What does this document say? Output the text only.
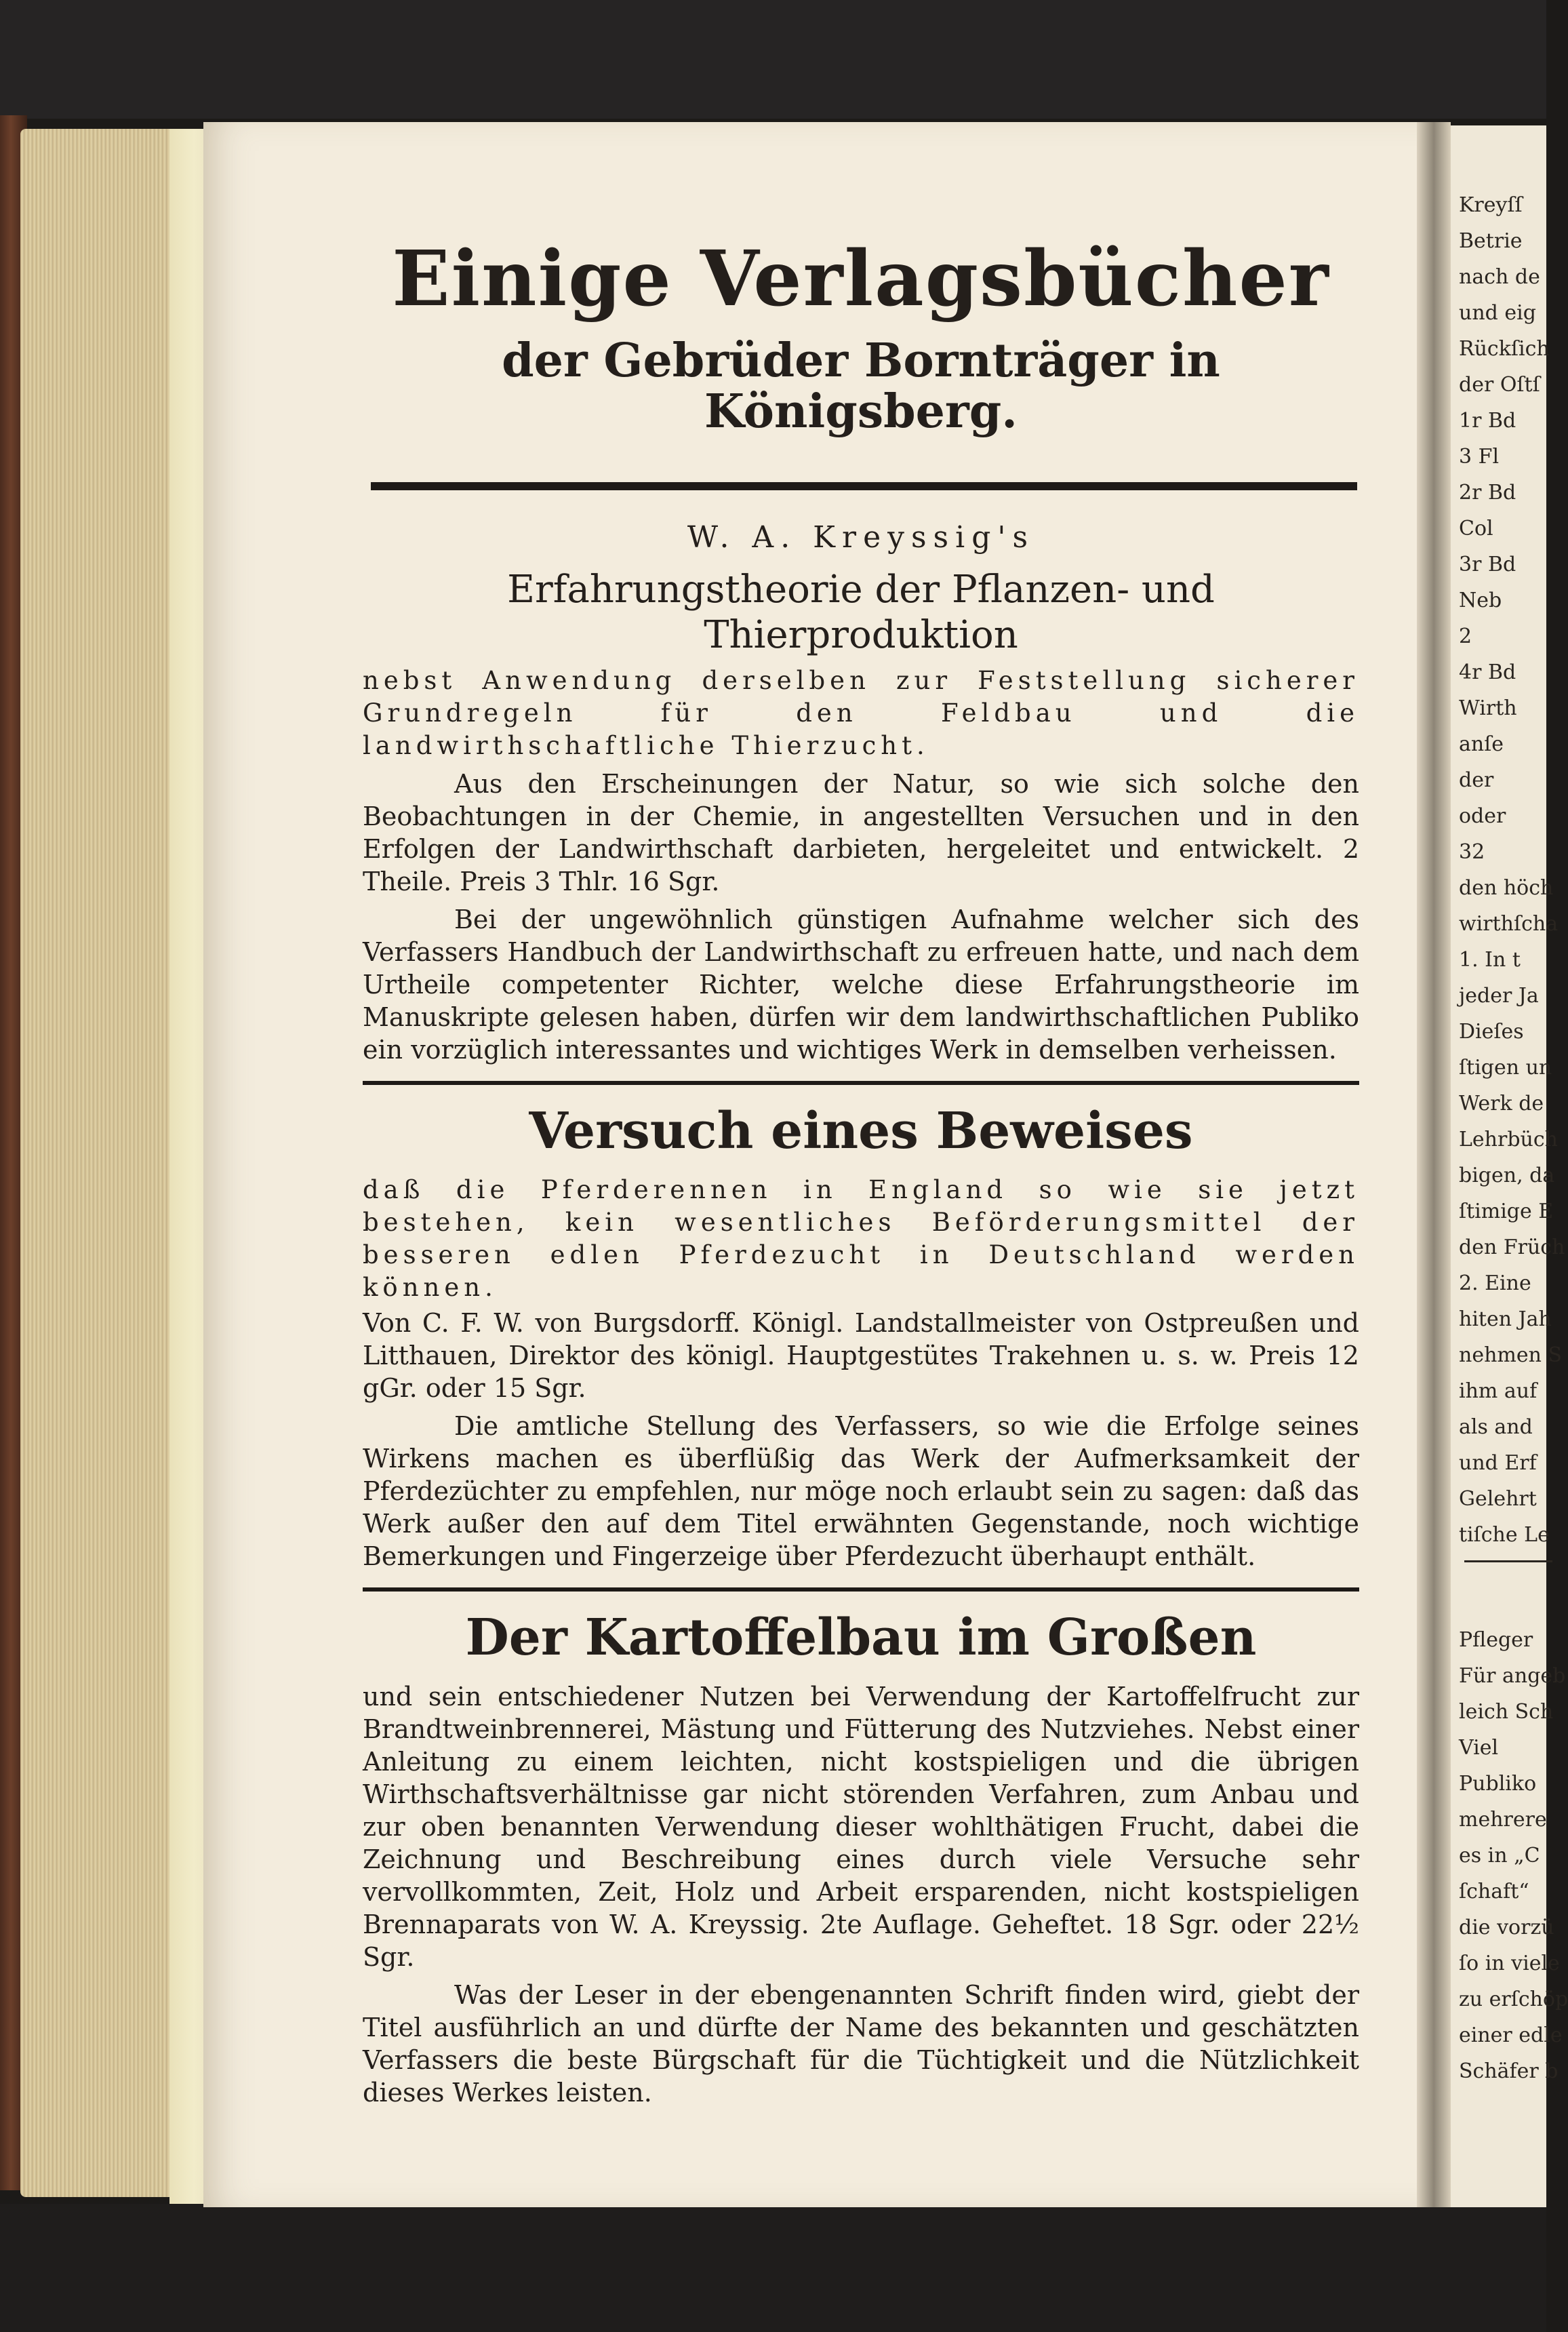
Kreyſſ
Betrie
nach de
und eig
Rückſich
der Oſtſ
1r Bd
3 Fl
2r Bd
Col
3r Bd
Neb
2
4r Bd
Wirth
anſe
der
oder
32
den höch
wirthſcha
1. In t
jeder Ja
Dieſes
ſtigen un
Werk de
Lehrbüch
bigen, da
ſtimige E
den Früch
2. Eine
hiten Jah
nehmen S
ihm auf
als and
und Erf
Gelehrt
tiſche Le
Pfleger
Für angeb
leich Sch
Viel
Publiko
mehrere
es in „C
ſchaft“
die vorzü
ſo in viele
zu erſchöp
einer edle
Schäfer b
Einige Verlagsbücher
der Gebrüder Bornträger in Königsberg.

W. A. Kreyssig's

Erfahrungstheorie der Pflanzen- und Thierproduktion

nebst Anwendung derselben zur Feststellung sicherer Grundregeln für den Feldbau und die landwirthschaftliche Thierzucht.

Aus den Erscheinungen der Natur, so wie sich solche den Beobachtungen in der Chemie, in angestellten Versuchen und in den Erfolgen der Landwirthschaft darbieten, hergeleitet und entwickelt. 2 Theile. Preis 3 Thlr. 16 Sgr.

Bei der ungewöhnlich günstigen Aufnahme welcher sich des Verfassers Handbuch der Landwirthschaft zu erfreuen hatte, und nach dem Urtheile competenter Richter, welche diese Erfahrungstheorie im Manuskripte gelesen haben, dürfen wir dem landwirthschaftlichen Publiko ein vorzüglich interessantes und wichtiges Werk in demselben verheissen.

Versuch eines Beweises

daß die Pferderennen in England so wie sie jetzt bestehen, kein wesentliches Beförderungsmittel der besseren edlen Pferdezucht in Deutschland werden können.

Von C. F. W. von Burgsdorff. Königl. Landstallmeister von Ostpreußen und Litthauen, Direktor des königl. Hauptgestütes Trakehnen u. s. w. Preis 12 gGr. oder 15 Sgr.

Die amtliche Stellung des Verfassers, so wie die Erfolge seines Wirkens machen es überflüßig das Werk der Aufmerksamkeit der Pferdezüchter zu empfehlen, nur möge noch erlaubt sein zu sagen: daß das Werk außer den auf dem Titel erwähnten Gegenstande, noch wichtige Bemerkungen und Fingerzeige über Pferdezucht überhaupt enthält.

Der Kartoffelbau im Großen

und sein entschiedener Nutzen bei Verwendung der Kartoffelfrucht zur Brandtweinbrennerei, Mästung und Fütterung des Nutzviehes. Nebst einer Anleitung zu einem leichten, nicht kostspieligen und die übrigen Wirthschaftsverhältnisse gar nicht störenden Verfahren, zum Anbau und zur oben benannten Verwendung dieser wohlthätigen Frucht, dabei die Zeichnung und Beschreibung eines durch viele Versuche sehr vervollkommten, Zeit, Holz und Arbeit ersparenden, nicht kostspieligen Brennaparats von W. A. Kreyssig. 2te Auflage. Geheftet. 18 Sgr. oder 22½ Sgr.

Was der Leser in der ebengenannten Schrift finden wird, giebt der Titel ausführlich an und dürfte der Name des bekannten und geschätzten Verfassers die beste Bürgschaft für die Tüchtigkeit und die Nützlichkeit dieses Werkes leisten.
